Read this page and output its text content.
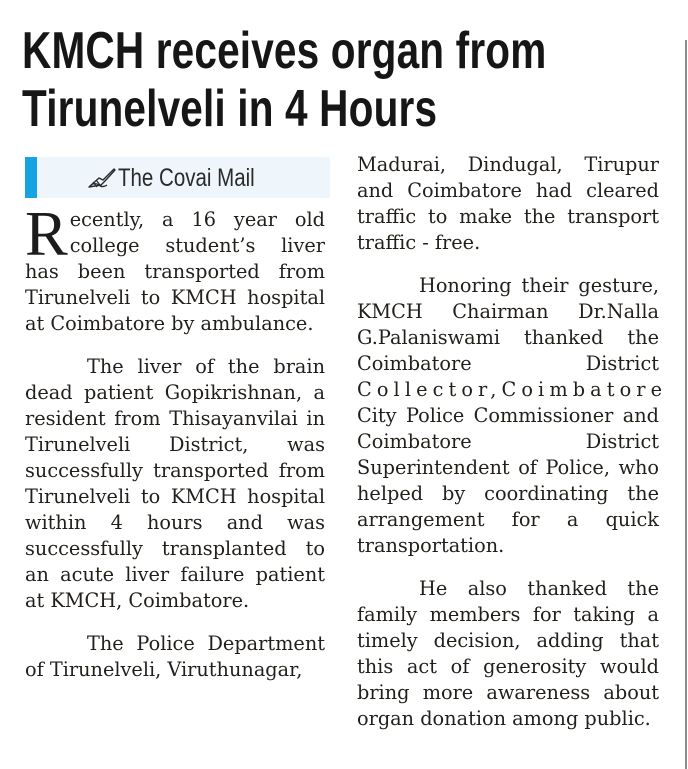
KMCH receives organ from
Tirunelveli in 4 Hours
The Covai Mail

Recently, a 16 year old college student’s liver has been transported from Tirunelveli to KMCH hospital at Coimbatore by ambulance.

The liver of the brain dead patient Gopikrishnan, a resident from Thisayanvilai in Tirunelveli District, was successfully transported from Tirunelveli to KMCH hospital within 4 hours and was successfully transplanted to an acute liver failure patient at KMCH, Coimbatore.

The Police Department of Tirunelveli, Viruthunagar,

Madurai, Dindugal, Tirupur and Coimbatore had cleared traffic to make the transport traffic - free.

Honoring their gesture, KMCH Chairman Dr.Nalla G.Palaniswami thanked the Coimbatore District Collector,Coimbatore City Police Commissioner and Coimbatore District Superintendent of Police, who helped by coordinating the arrangement for a quick transportation.

He also thanked the family members for taking a timely decision, adding that this act of generosity would bring more awareness about organ donation among public.
